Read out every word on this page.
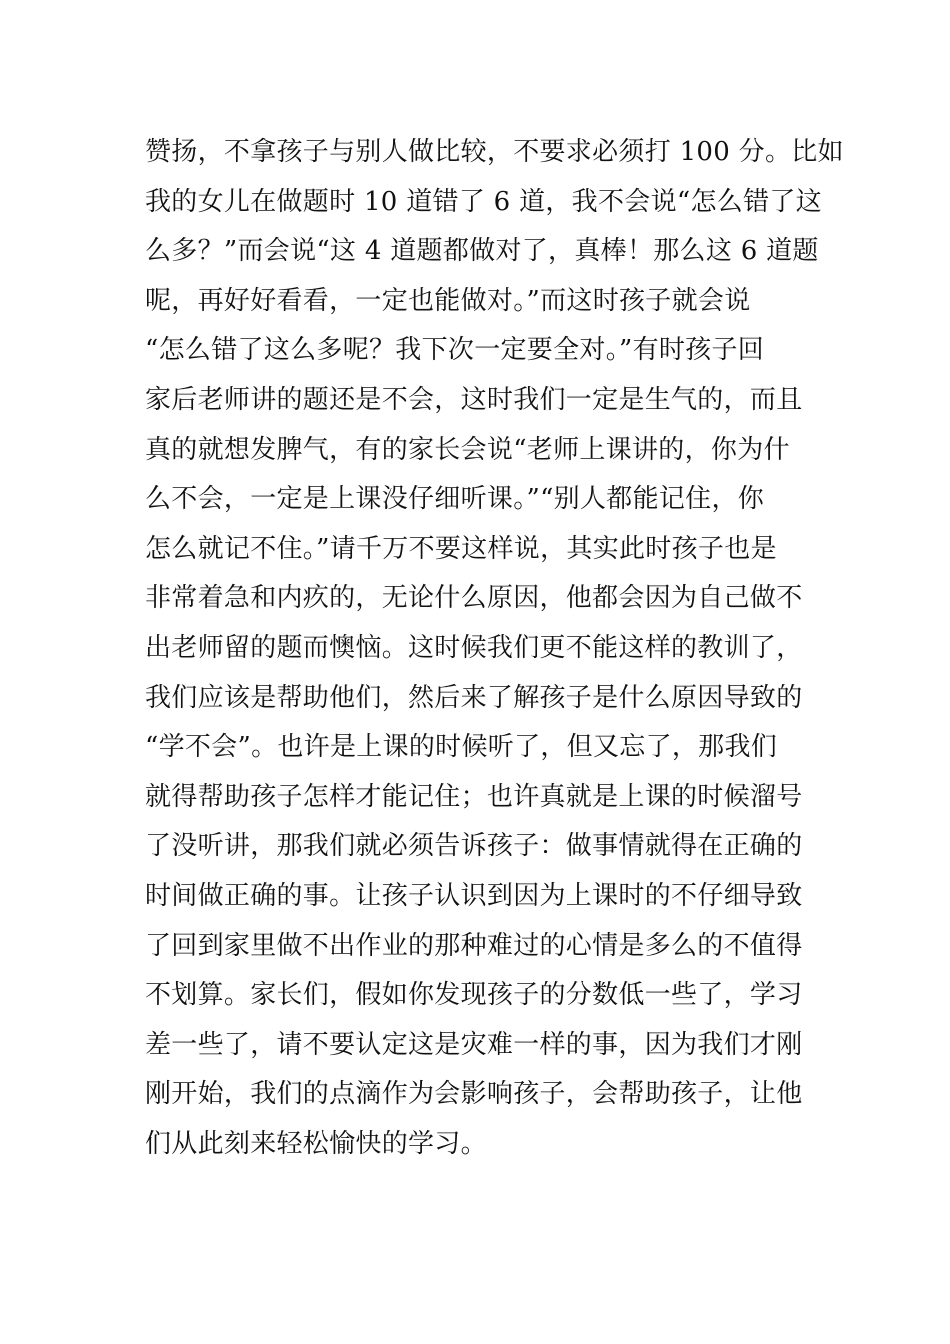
赞扬，不拿孩子与别人做比较，不要求必须打 100 分。比如
我的女儿在做题时 10 道错了 6 道，我不会说“怎么错了这
么多？”而会说“这 4 道题都做对了，真棒！那么这 6 道题
呢，再好好看看，一定也能做对。”而这时孩子就会说
“怎么错了这么多呢？我下次一定要全对。”有时孩子回
家后老师讲的题还是不会，这时我们一定是生气的，而且
真的就想发脾气，有的家长会说“老师上课讲的，你为什
么不会，一定是上课没仔细听课。”“别人都能记住，你
怎么就记不住。”请千万不要这样说，其实此时孩子也是
非常着急和内疚的，无论什么原因，他都会因为自己做不
出老师留的题而懊恼。这时候我们更不能这样的教训了，
我们应该是帮助他们，然后来了解孩子是什么原因导致的
“学不会”。也许是上课的时候听了，但又忘了，那我们
就得帮助孩子怎样才能记住；也许真就是上课的时候溜号
了没听讲，那我们就必须告诉孩子：做事情就得在正确的
时间做正确的事。让孩子认识到因为上课时的不仔细导致
了回到家里做不出作业的那种难过的心情是多么的不值得
不划算。家长们，假如你发现孩子的分数低一些了，学习
差一些了，请不要认定这是灾难一样的事，因为我们才刚
刚开始，我们的点滴作为会影响孩子，会帮助孩子，让他
们从此刻来轻松愉快的学习。
